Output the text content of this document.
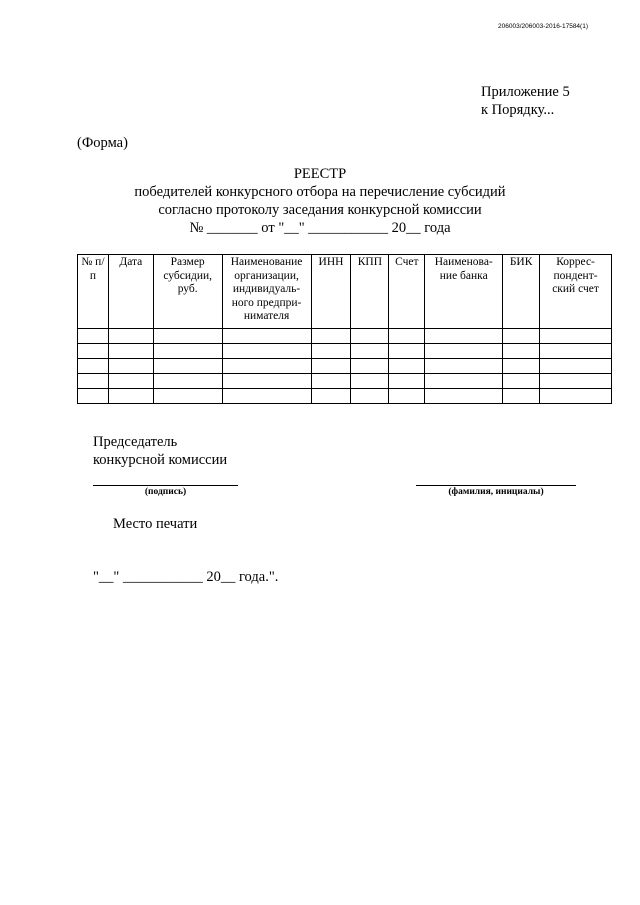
206003/206003-2016-17584(1)
Приложение 5
к Порядку...
(Форма)
РЕЕСТР
победителей конкурсного отбора на перечисление субсидий
согласно протоколу заседания конкурсной комиссии
№ _______ от "__" ___________ 20__ года
№ п/п	Дата	Размер субсидии, руб.	Наименование организации, индивидуаль-ного предпри-нимателя	ИНН	КПП	Счет	Наименова-ние банка	БИК	Коррес-пондент-ский счет

Председатель
конкурсной комиссии
(подпись)	(фамилия, инициалы)
Место печати
"__" ___________ 20__ года.".
